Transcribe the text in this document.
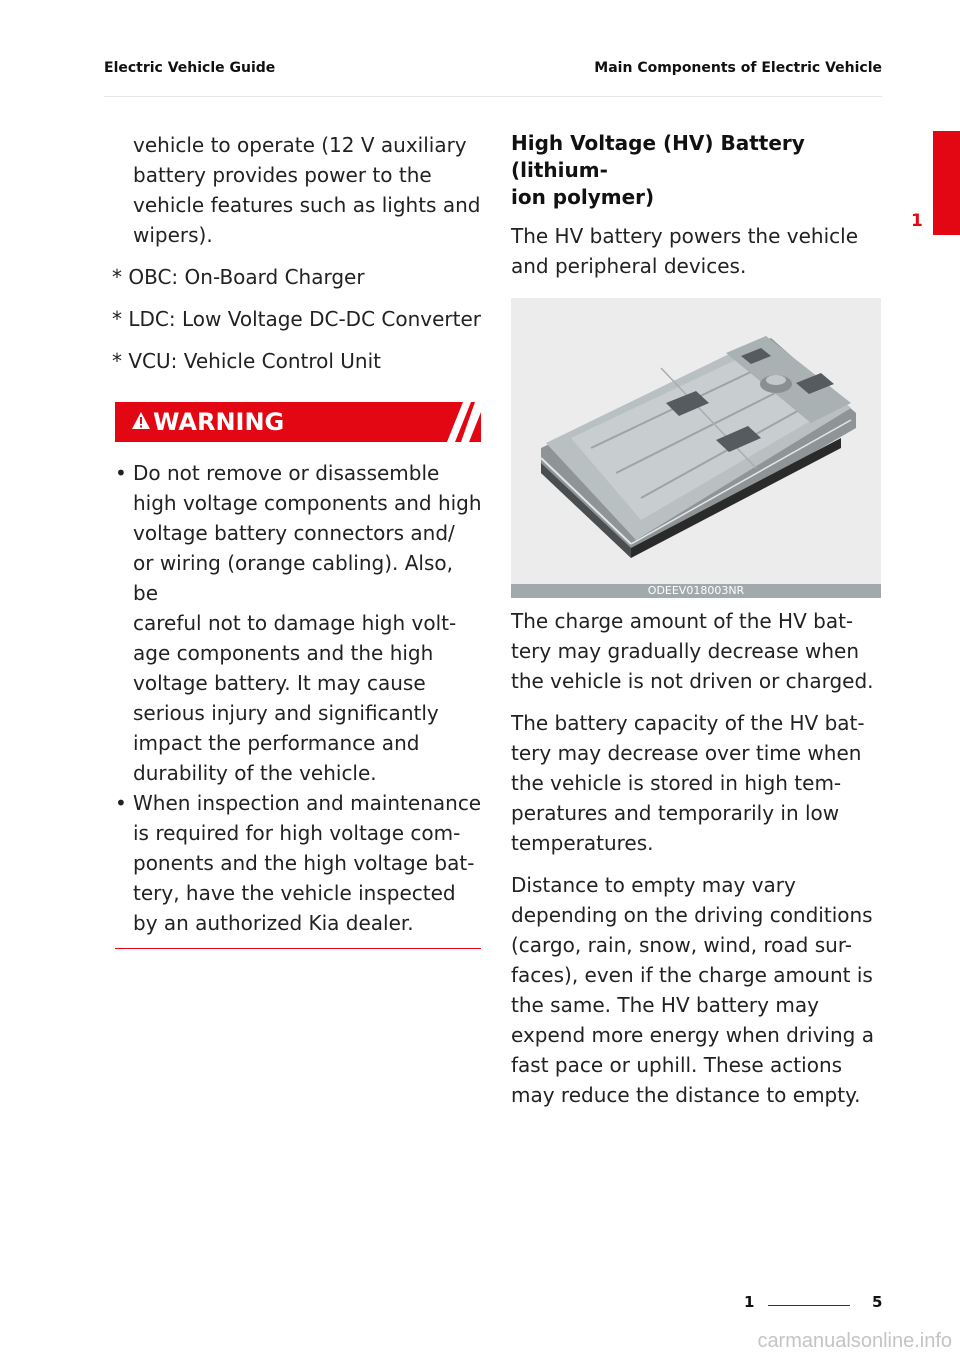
Electric Vehicle Guide	Main Components of Electric Vehicle
1

vehicle to operate (12 V auxiliary

battery provides power to the

vehicle features such as lights and

wipers).

* OBC: On-Board Charger

* LDC: Low Voltage DC-DC Converter

* VCU: Vehicle Control Unit

WARNING
• Do not remove or disassemble

high voltage components and high

voltage battery connectors and/

or wiring (orange cabling). Also, be

careful not to damage high volt-

age components and the high

voltage battery. It may cause

serious injury and significantly

impact the performance and

durability of the vehicle.

• When inspection and maintenance

is required for high voltage com-

ponents and the high voltage bat-

tery, have the vehicle inspected

by an authorized Kia dealer.

High Voltage (HV) Battery (lithium-

ion polymer)

The HV battery powers the vehicle

and peripheral devices.

ODEEV018003NR

The charge amount of the HV bat-

tery may gradually decrease when

the vehicle is not driven or charged.

The battery capacity of the HV bat-

tery may decrease over time when

the vehicle is stored in high tem-

peratures and temporarily in low

temperatures.

Distance to empty may vary

depending on the driving conditions

(cargo, rain, snow, wind, road sur-

faces), even if the charge amount is

the same. The HV battery may

expend more energy when driving a

fast pace or uphill. These actions

may reduce the distance to empty.

1	5
carmanualsonline.info
